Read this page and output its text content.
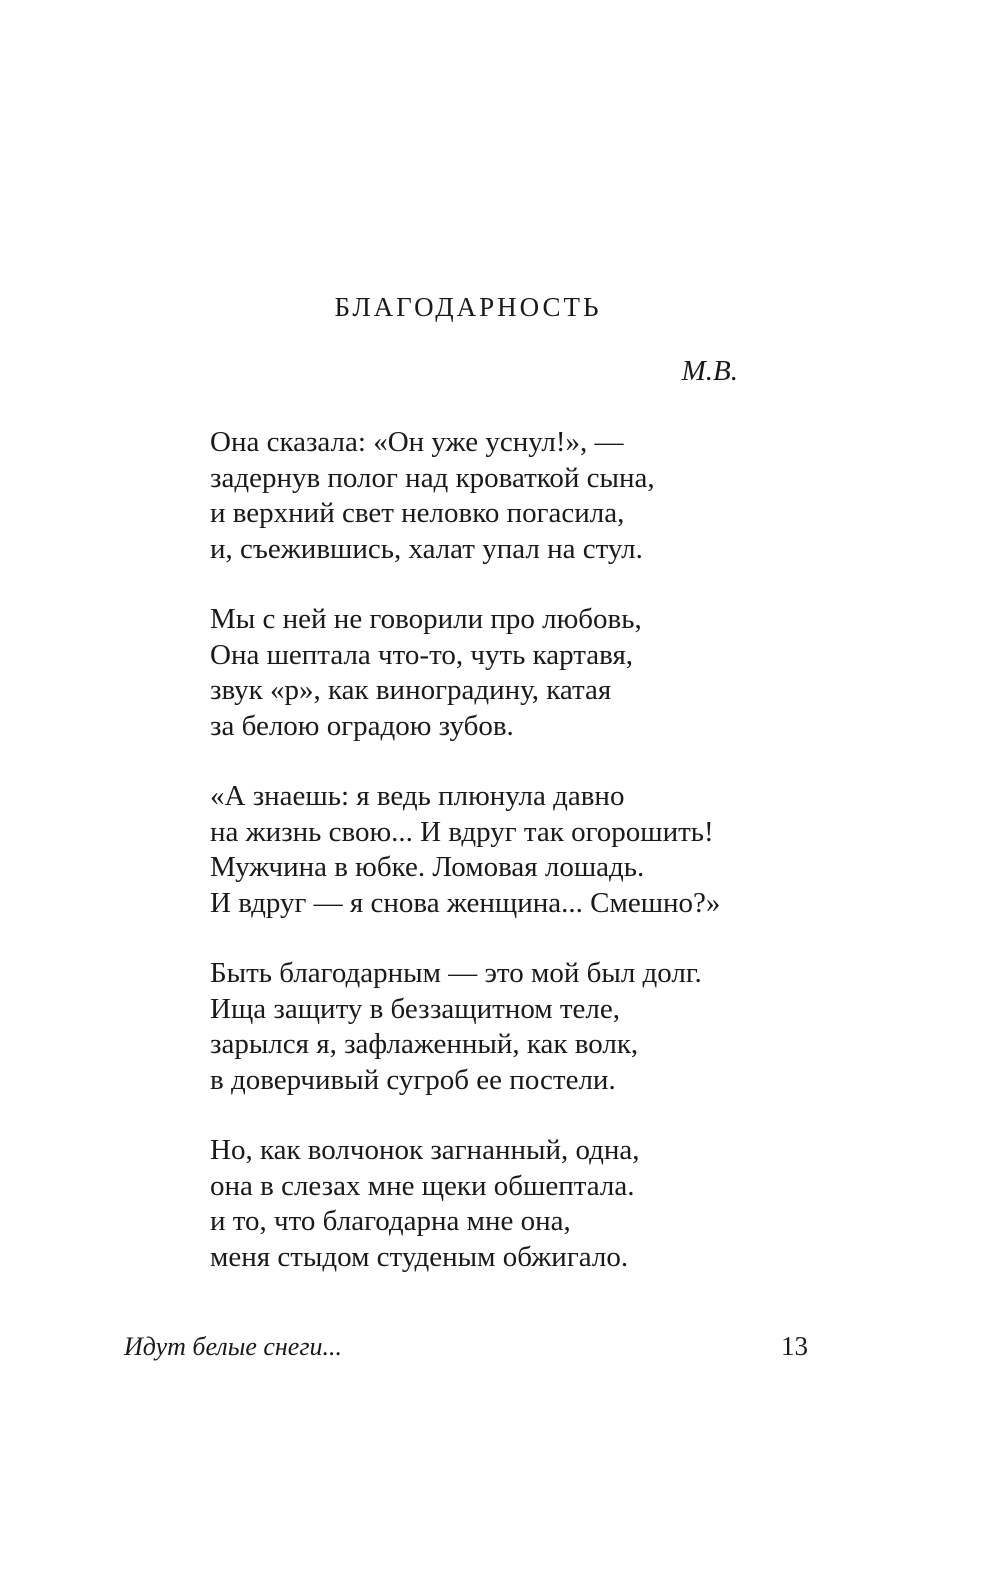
БЛАГОДАРНОСТЬ

М.В.

Она сказала: «Он уже уснул!», —
задернув полог над кроваткой сына,
и верхний свет неловко погасила,
и, съежившись, халат упал на стул.
Мы с ней не говорили про любовь,
Она шептала что-то, чуть картавя,
звук «р», как виноградину, катая
за белою оградою зубов.
«А знаешь: я ведь плюнула давно
на жизнь свою... И вдруг так огорошить!
Мужчина в юбке. Ломовая лошадь.
И вдруг — я снова женщина... Смешно?»
Быть благодарным — это мой был долг.
Ища защиту в беззащитном теле,
зарылся я, зафлаженный, как волк,
в доверчивый сугроб ее постели.
Но, как волчонок загнанный, одна,
она в слезах мне щеки обшептала.
и то, что благодарна мне она,
меня стыдом студеным обжигало.

Идут белые снеги...	13
